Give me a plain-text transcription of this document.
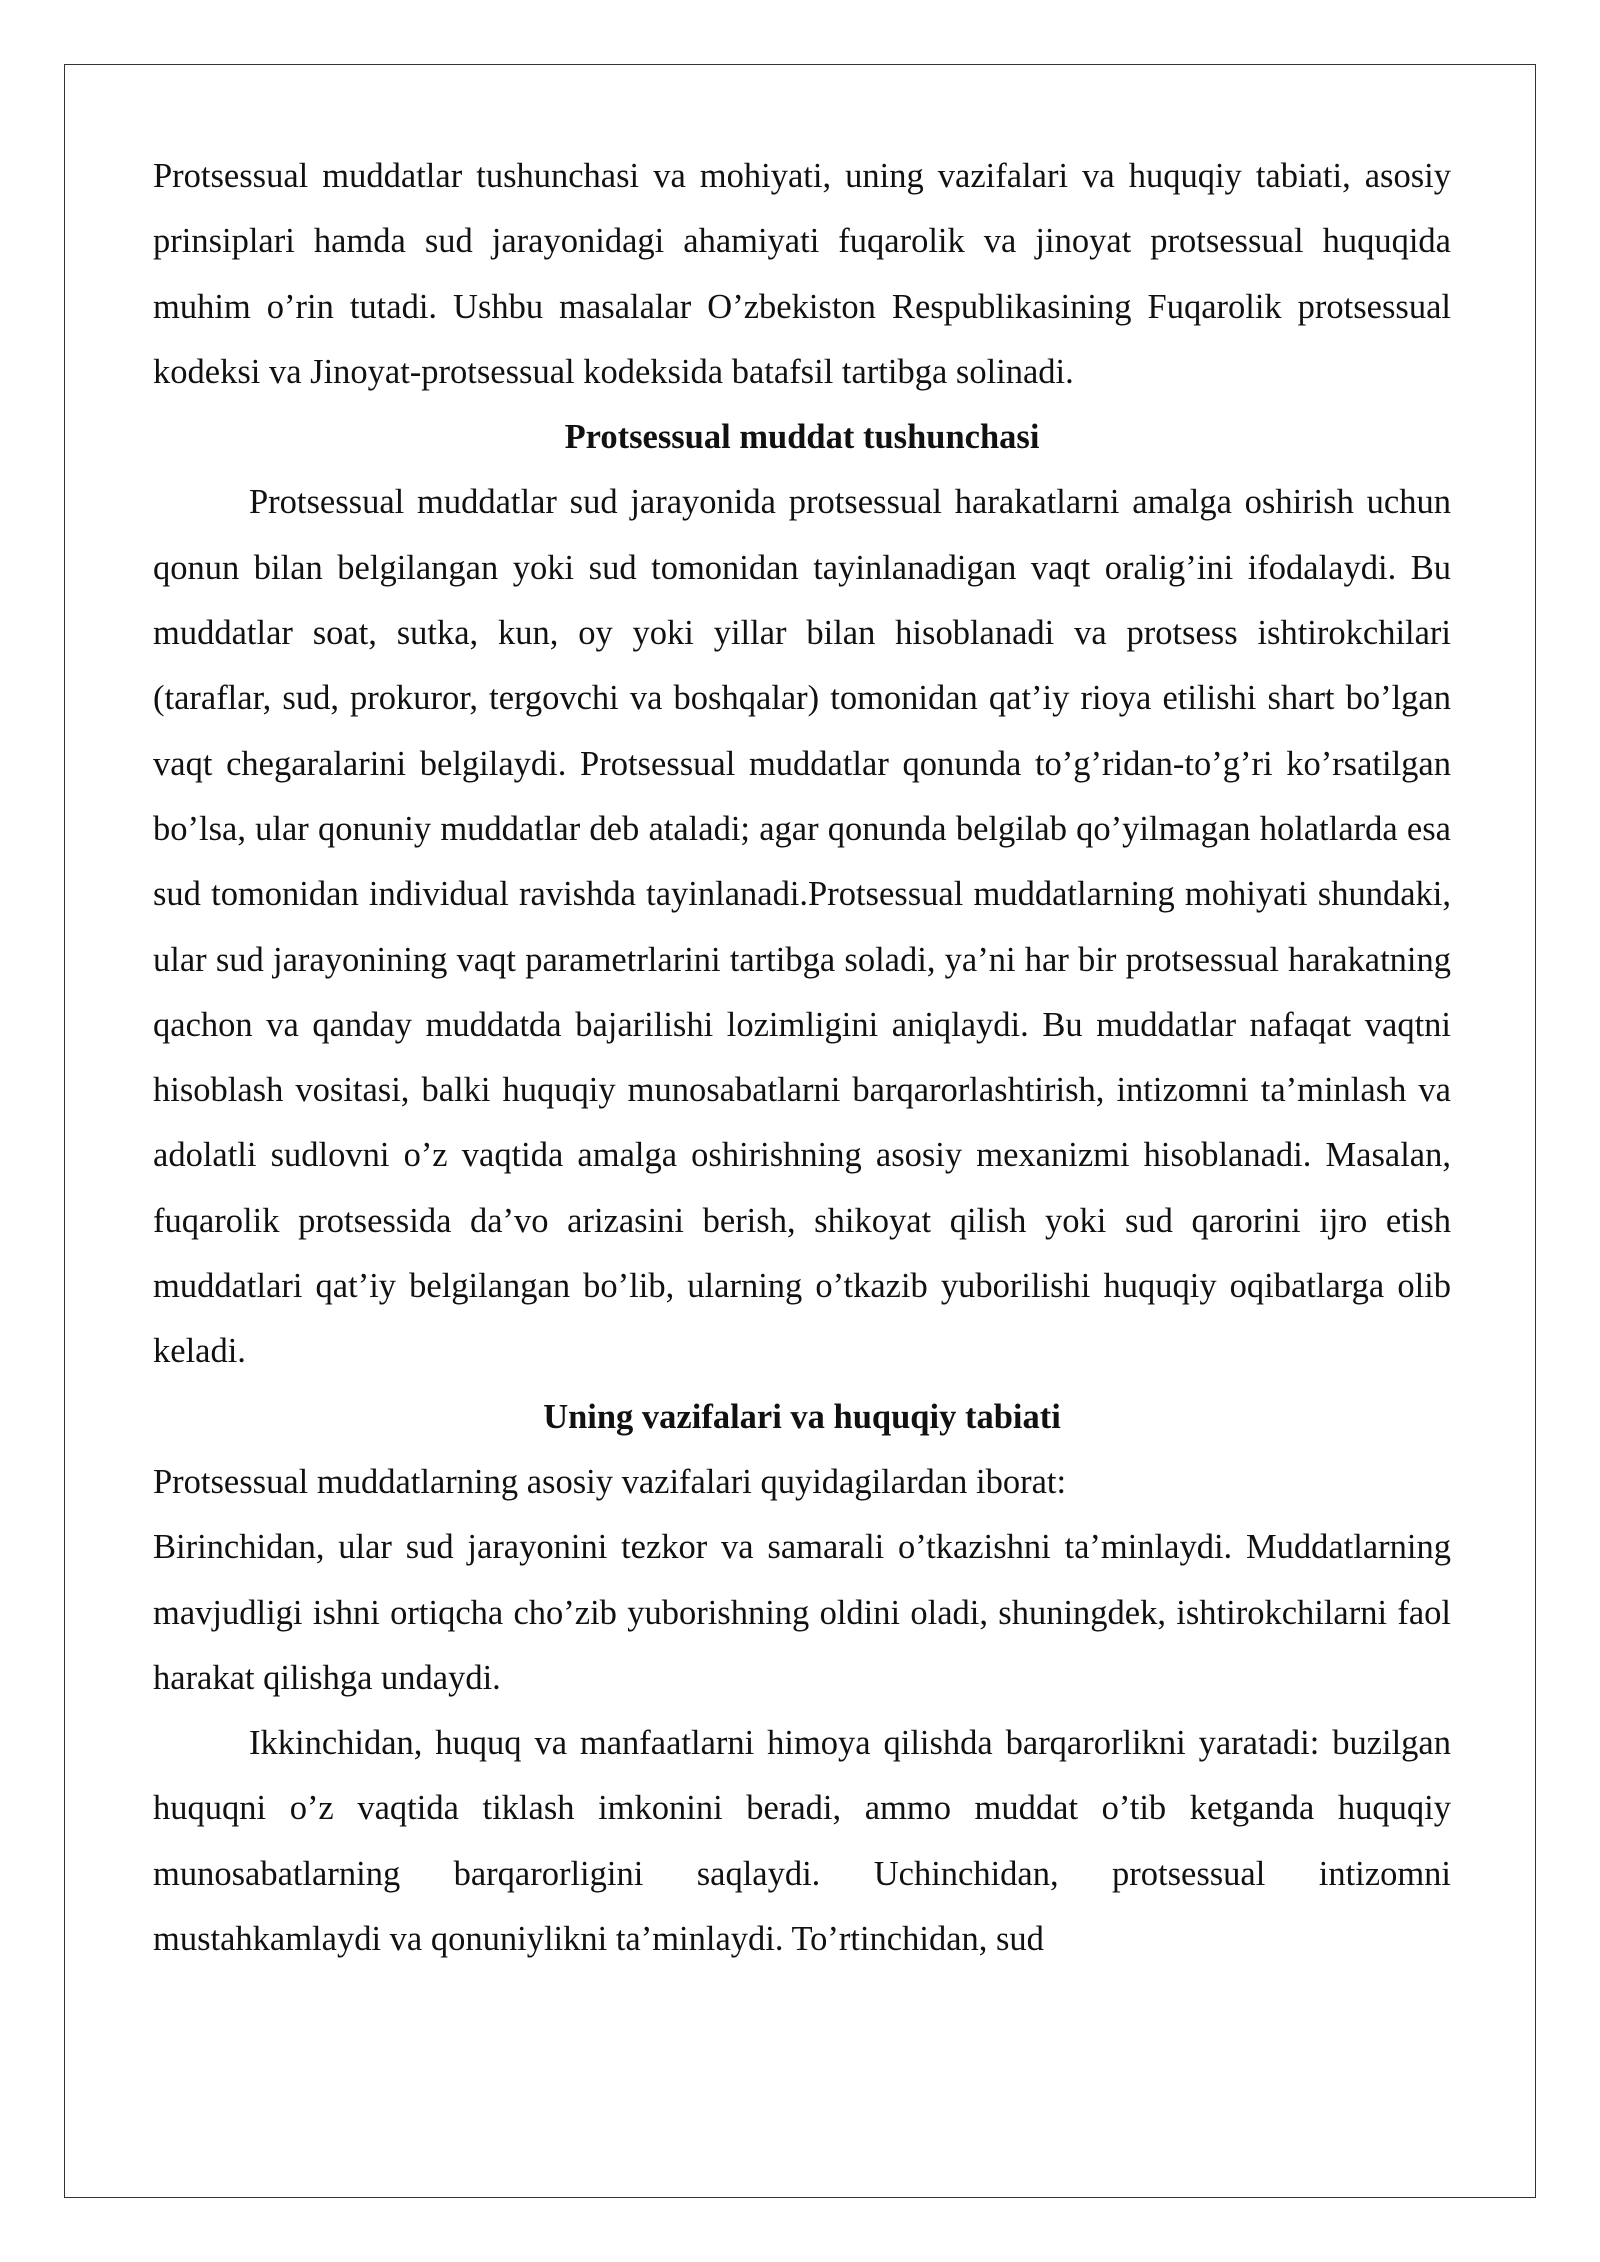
Protsessual muddatlar tushunchasi va mohiyati, uning vazifalari va huquqiy tabiati, asosiy prinsiplari hamda sud jarayonidagi ahamiyati fuqarolik va jinoyat protsessual huquqida muhim o’rin tutadi. Ushbu masalalar O’zbekiston Respublikasining Fuqarolik protsessual kodeksi va Jinoyat-protsessual kodeksida batafsil tartibga solinadi.

Protsessual muddat tushunchasi

Protsessual muddatlar sud jarayonida protsessual harakatlarni amalga oshirish uchun qonun bilan belgilangan yoki sud tomonidan tayinlanadigan vaqt oralig’ini ifodalaydi. Bu muddatlar soat, sutka, kun, oy yoki yillar bilan hisoblanadi va protsess ishtirokchilari (taraflar, sud, prokuror, tergovchi va boshqalar) tomonidan qat’iy rioya etilishi shart bo’lgan vaqt chegaralarini belgilaydi. Protsessual muddatlar qonunda to’g’ridan-to’g’ri ko’rsatilgan bo’lsa, ular qonuniy muddatlar deb ataladi; agar qonunda belgilab qo’yilmagan holatlarda esa sud tomonidan individual ravishda tayinlanadi.Protsessual muddatlarning mohiyati shundaki, ular sud jarayonining vaqt parametrlarini tartibga soladi, ya’ni har bir protsessual harakatning qachon va qanday muddatda bajarilishi lozimligini aniqlaydi. Bu muddatlar nafaqat vaqtni hisoblash vositasi, balki huquqiy munosabatlarni barqarorlashtirish, intizomni ta’minlash va adolatli sudlovni o’z vaqtida amalga oshirishning asosiy mexanizmi hisoblanadi. Masalan, fuqarolik protsessida da’vo arizasini berish, shikoyat qilish yoki sud qarorini ijro etish muddatlari qat’iy belgilangan bo’lib, ularning o’tkazib yuborilishi huquqiy oqibatlarga olib keladi.

Uning vazifalari va huquqiy tabiati

Protsessual muddatlarning asosiy vazifalari quyidagilardan iborat:

Birinchidan, ular sud jarayonini tezkor va samarali o’tkazishni ta’minlaydi. Muddatlarning mavjudligi ishni ortiqcha cho’zib yuborishning oldini oladi, shuningdek, ishtirokchilarni faol harakat qilishga undaydi.

Ikkinchidan, huquq va manfaatlarni himoya qilishda barqarorlikni yaratadi: buzilgan huquqni o’z vaqtida tiklash imkonini beradi, ammo muddat o’tib ketganda huquqiy munosabatlarning barqarorligini saqlaydi. Uchinchidan, protsessual intizomni mustahkamlaydi va qonuniylikni ta’minlaydi. To’rtinchidan, sud
